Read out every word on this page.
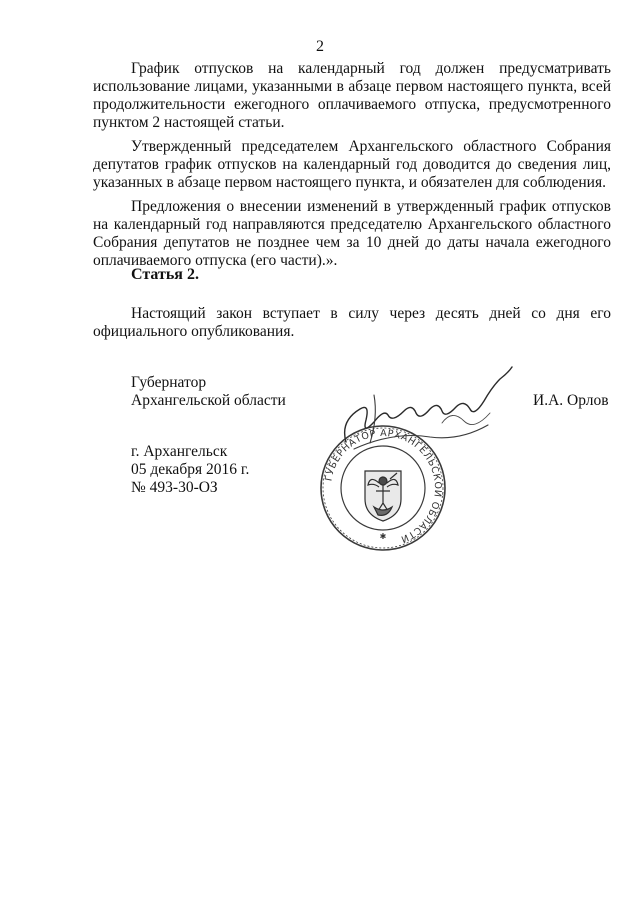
2

График отпусков на календарный год должен предусматривать использование лицами, указанными в абзаце первом настоящего пункта, всей продолжительности ежегодного оплачиваемого отпуска, предусмотренного пунктом 2 настоящей статьи.

Утвержденный председателем Архангельского областного Собрания депутатов график отпусков на календарный год доводится до сведения лиц, указанных в абзаце первом настоящего пункта, и обязателен для соблюдения.

Предложения о внесении изменений в утвержденный график отпусков на календарный год направляются председателю Архангельского областного Собрания депутатов не позднее чем за 10 дней до даты начала ежегодного оплачиваемого отпуска (его части).».

Статья 2.

Настоящий закон вступает в силу через десять дней со дня его официального опубликования.

Губернатор
Архангельской области	И.А. Орлов
г. Архангельск
05 декабря 2016 г.
№ 493-30-ОЗ
ГУБЕРНАТОР АРХАНГЕЛЬСКОЙ ОБЛАСТИ
✱
